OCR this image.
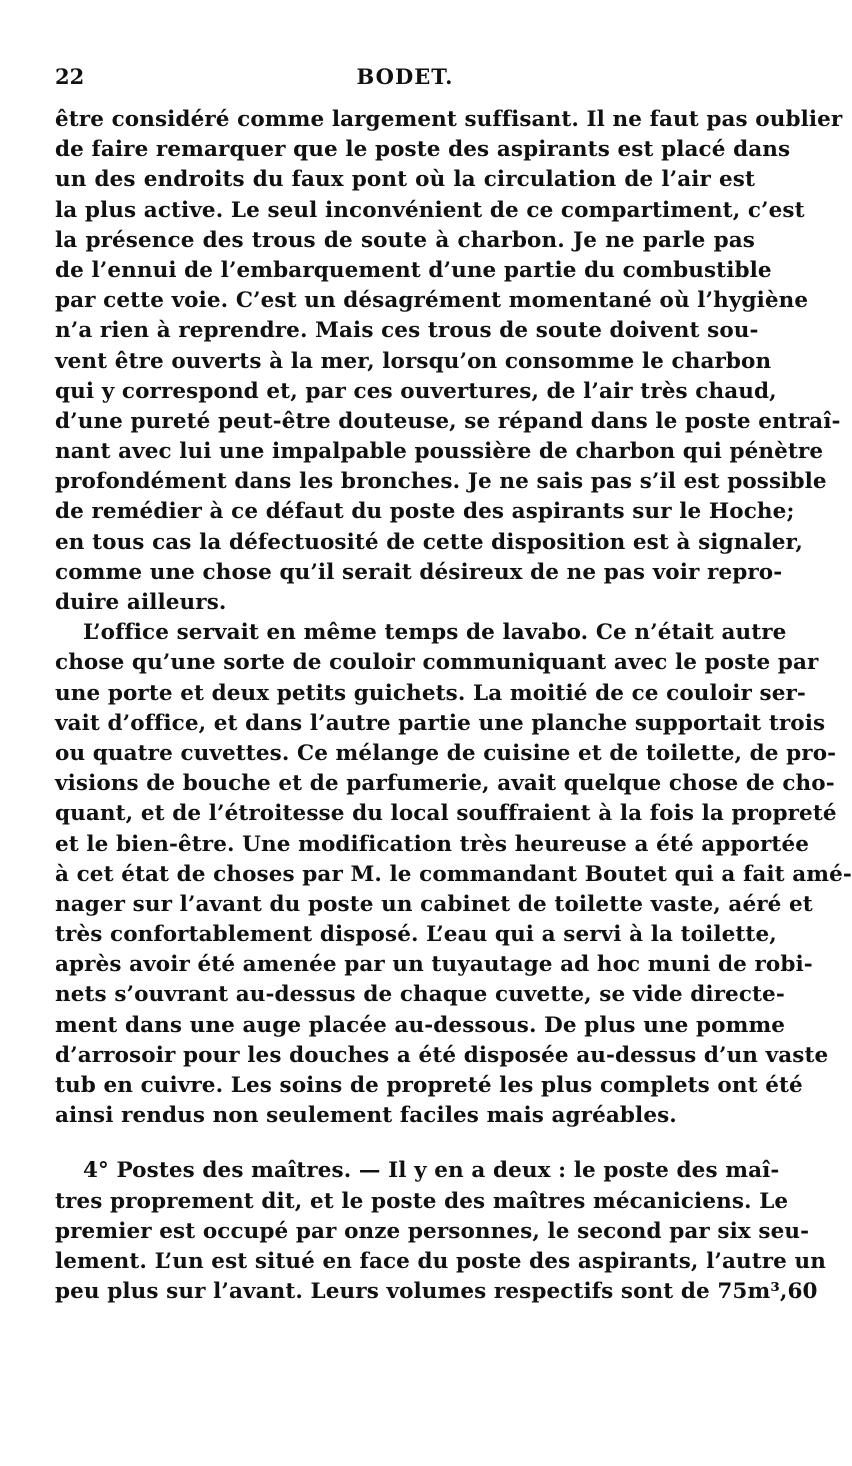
22	BODET.
être considéré comme largement suffisant. Il ne faut pas oublier
de faire remarquer que le poste des aspirants est placé dans
un des endroits du faux pont où la circulation de l’air est
la plus active. Le seul inconvénient de ce compartiment, c’est
la présence des trous de soute à charbon. Je ne parle pas
de l’ennui de l’embarquement d’une partie du combustible
par cette voie. C’est un désagrément momentané où l’hygiène
n’a rien à reprendre. Mais ces trous de soute doivent sou-
vent être ouverts à la mer, lorsqu’on consomme le charbon
qui y correspond et, par ces ouvertures, de l’air très chaud,
d’une pureté peut-être douteuse, se répand dans le poste entraî-
nant avec lui une impalpable poussière de charbon qui pénètre
profondément dans les bronches. Je ne sais pas s’il est possible
de remédier à ce défaut du poste des aspirants sur le Hoche;
en tous cas la défectuosité de cette disposition est à signaler,
comme une chose qu’il serait désireux de ne pas voir repro-
duire ailleurs.
L’office servait en même temps de lavabo. Ce n’était autre
chose qu’une sorte de couloir communiquant avec le poste par
une porte et deux petits guichets. La moitié de ce couloir ser-
vait d’office, et dans l’autre partie une planche supportait trois
ou quatre cuvettes. Ce mélange de cuisine et de toilette, de pro-
visions de bouche et de parfumerie, avait quelque chose de cho-
quant, et de l’étroitesse du local souffraient à la fois la propreté
et le bien-être. Une modification très heureuse a été apportée
à cet état de choses par M. le commandant Boutet qui a fait amé-
nager sur l’avant du poste un cabinet de toilette vaste, aéré et
très confortablement disposé. L’eau qui a servi à la toilette,
après avoir été amenée par un tuyautage ad hoc muni de robi-
nets s’ouvrant au-dessus de chaque cuvette, se vide directe-
ment dans une auge placée au-dessous. De plus une pomme
d’arrosoir pour les douches a été disposée au-dessus d’un vaste
tub en cuivre. Les soins de propreté les plus complets ont été
ainsi rendus non seulement faciles mais agréables.
4° Postes des maîtres. — Il y en a deux : le poste des maî-
tres proprement dit, et le poste des maîtres mécaniciens. Le
premier est occupé par onze personnes, le second par six seu-
lement. L’un est situé en face du poste des aspirants, l’autre un
peu plus sur l’avant. Leurs volumes respectifs sont de 75m³,60
